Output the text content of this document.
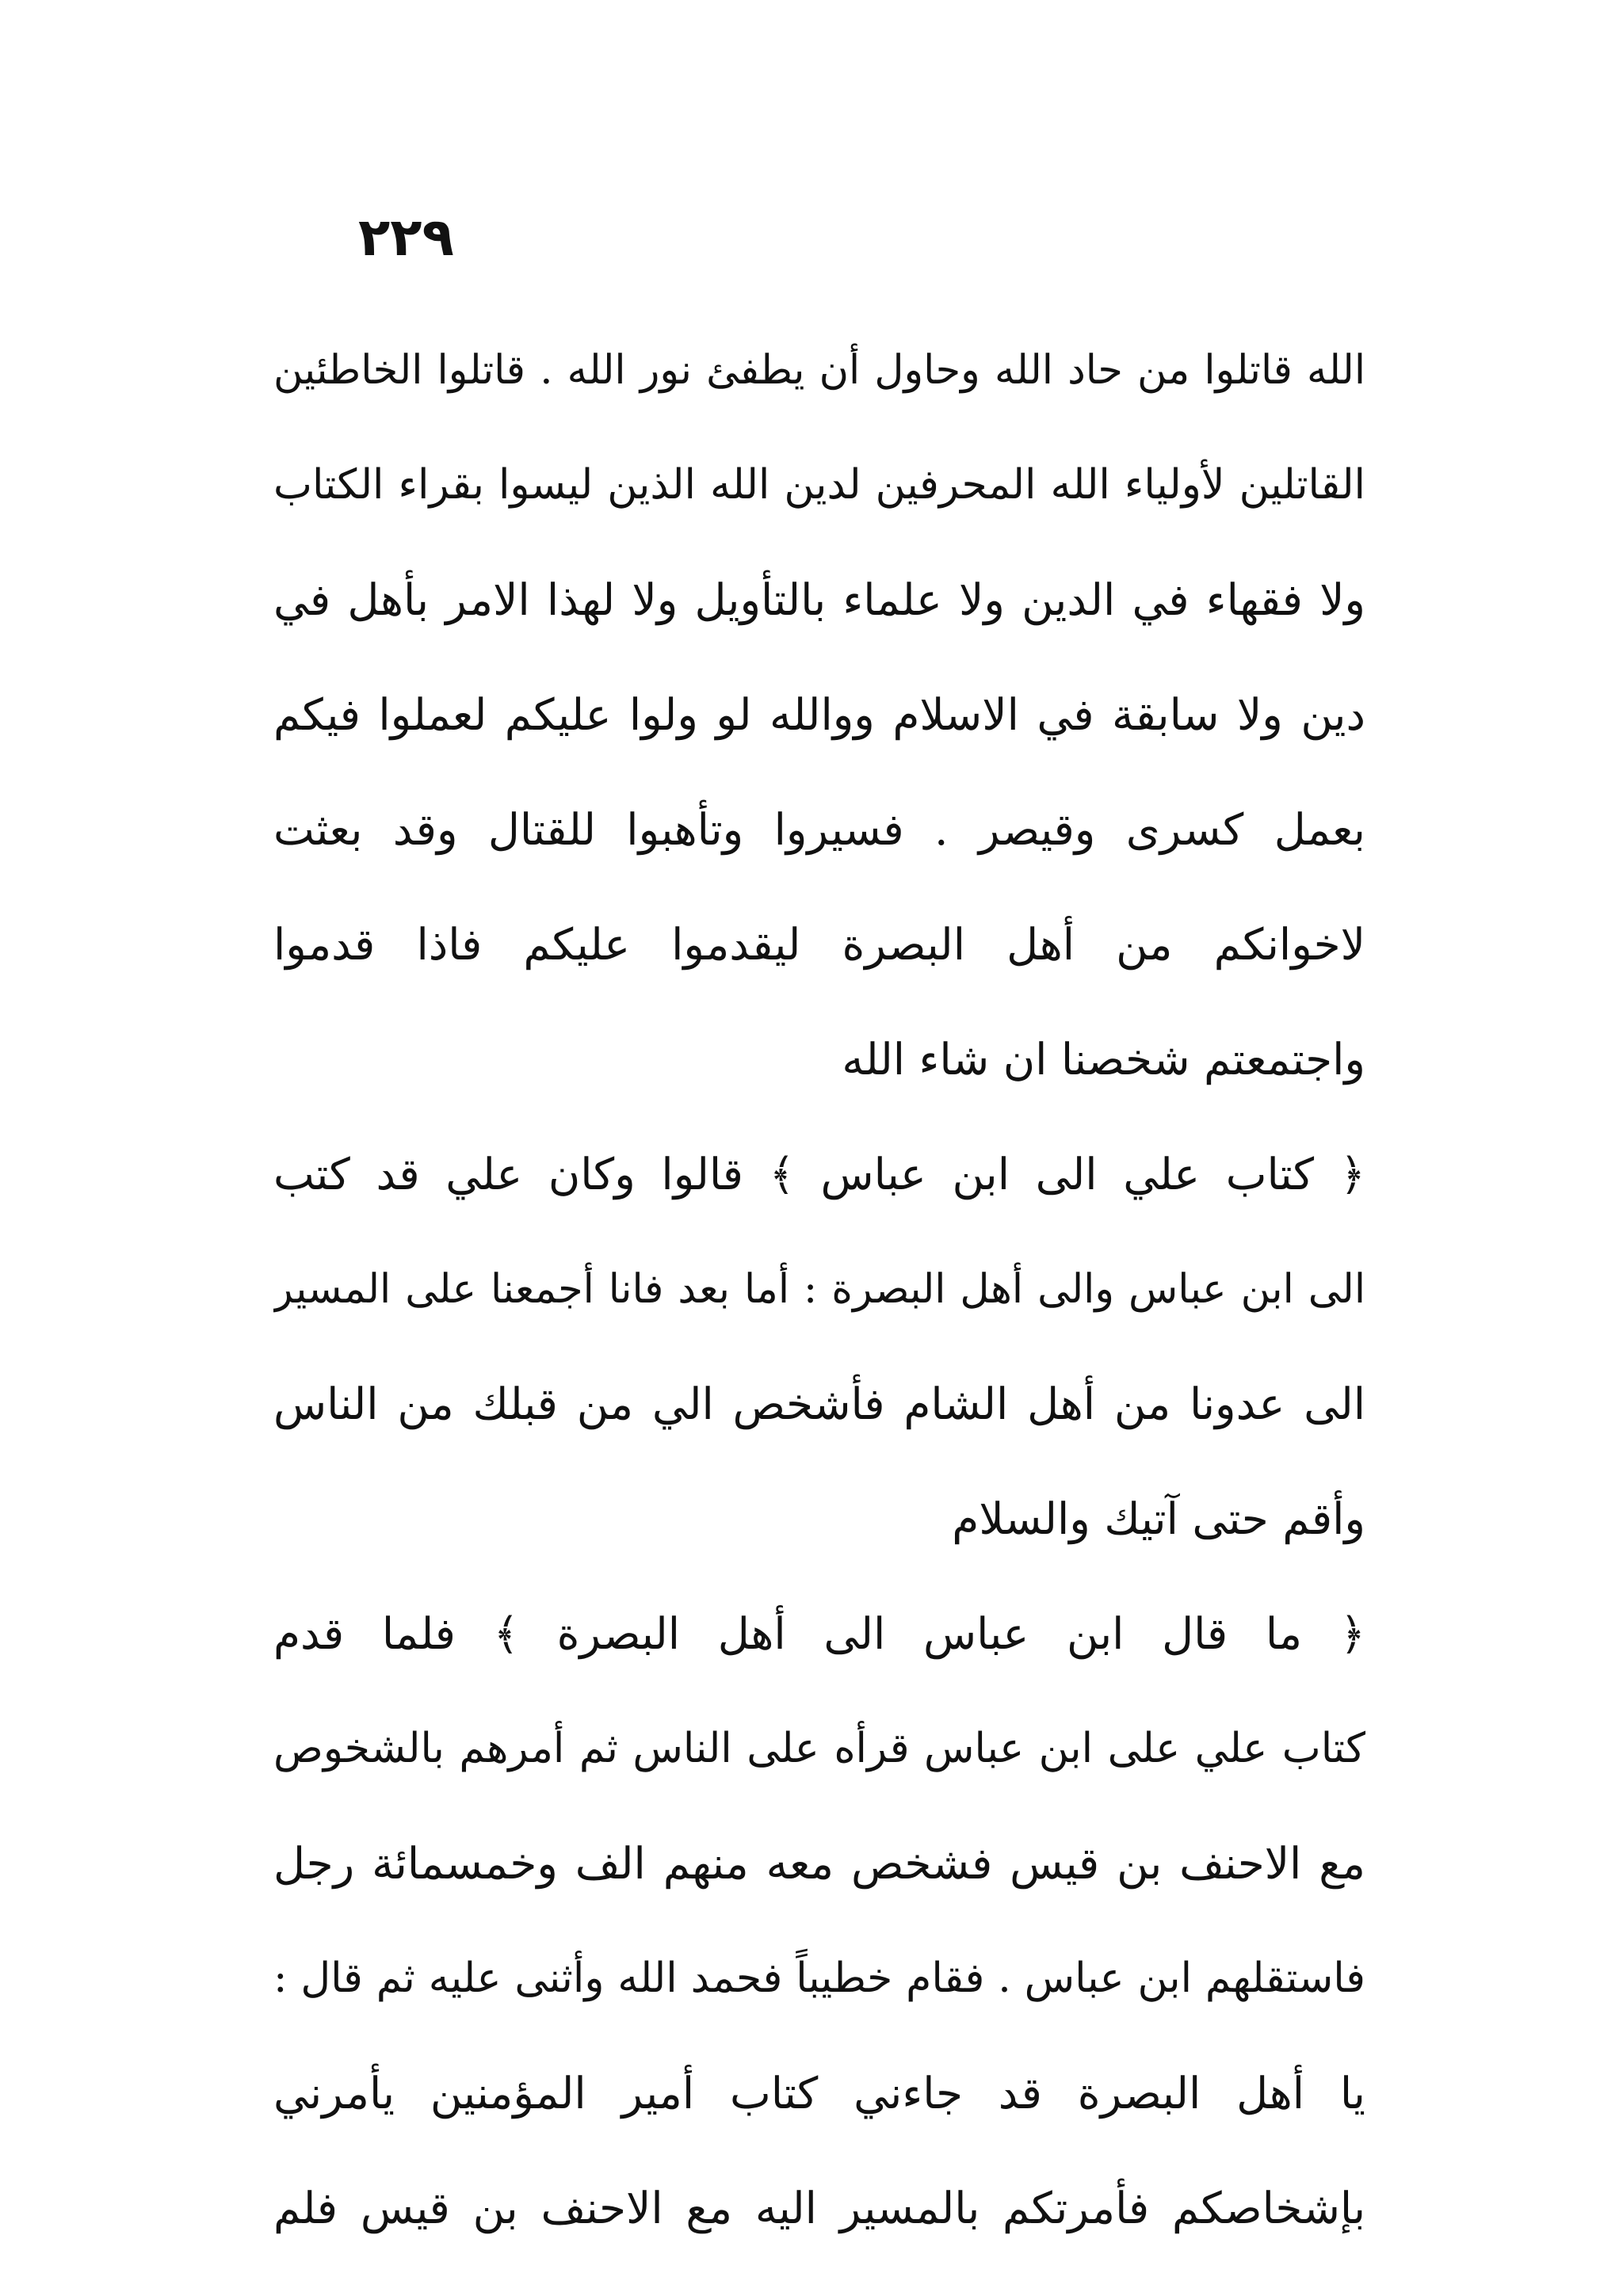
٢٢٩
الله قاتلوا من حاد الله وحاول أن يطفئ نور الله . قاتلوا الخاطئين
القاتلين لأولياء الله المحرفين لدين الله الذين ليسوا بقراء الكتاب
ولا فقهاء في الدين ولا علماء بالتأويل ولا لهذا الامر بأهل في
دين ولا سابقة في الاسلام ووالله لو ولوا عليكم لعملوا فيكم
بعمل كسرى وقيصر . فسيروا وتأهبوا للقتال وقد بعثت
لاخوانكم من أهل البصرة ليقدموا عليكم فاذا قدموا
واجتمعتم شخصنا ان شاء الله
﴿ كتاب علي الى ابن عباس ﴾ قالوا وكان علي قد كتب
الى ابن عباس والى أهل البصرة : أما بعد فانا أجمعنا على المسير
الى عدونا من أهل الشام فأشخص الي من قبلك من الناس
وأقم حتى آتيك والسلام
﴿ ما قال ابن عباس الى أهل البصرة ﴾ فلما قدم
كتاب علي على ابن عباس قرأه على الناس ثم أمرهم بالشخوص
مع الاحنف بن قيس فشخص معه منهم الف وخمسمائة رجل
فاستقلهم ابن عباس . فقام خطيباً فحمد الله وأثنى عليه ثم قال :
يا أهل البصرة قد جاءني كتاب أمير المؤمنين يأمرني
بإشخاصكم فأمرتكم بالمسير اليه مع الاحنف بن قيس فلم
